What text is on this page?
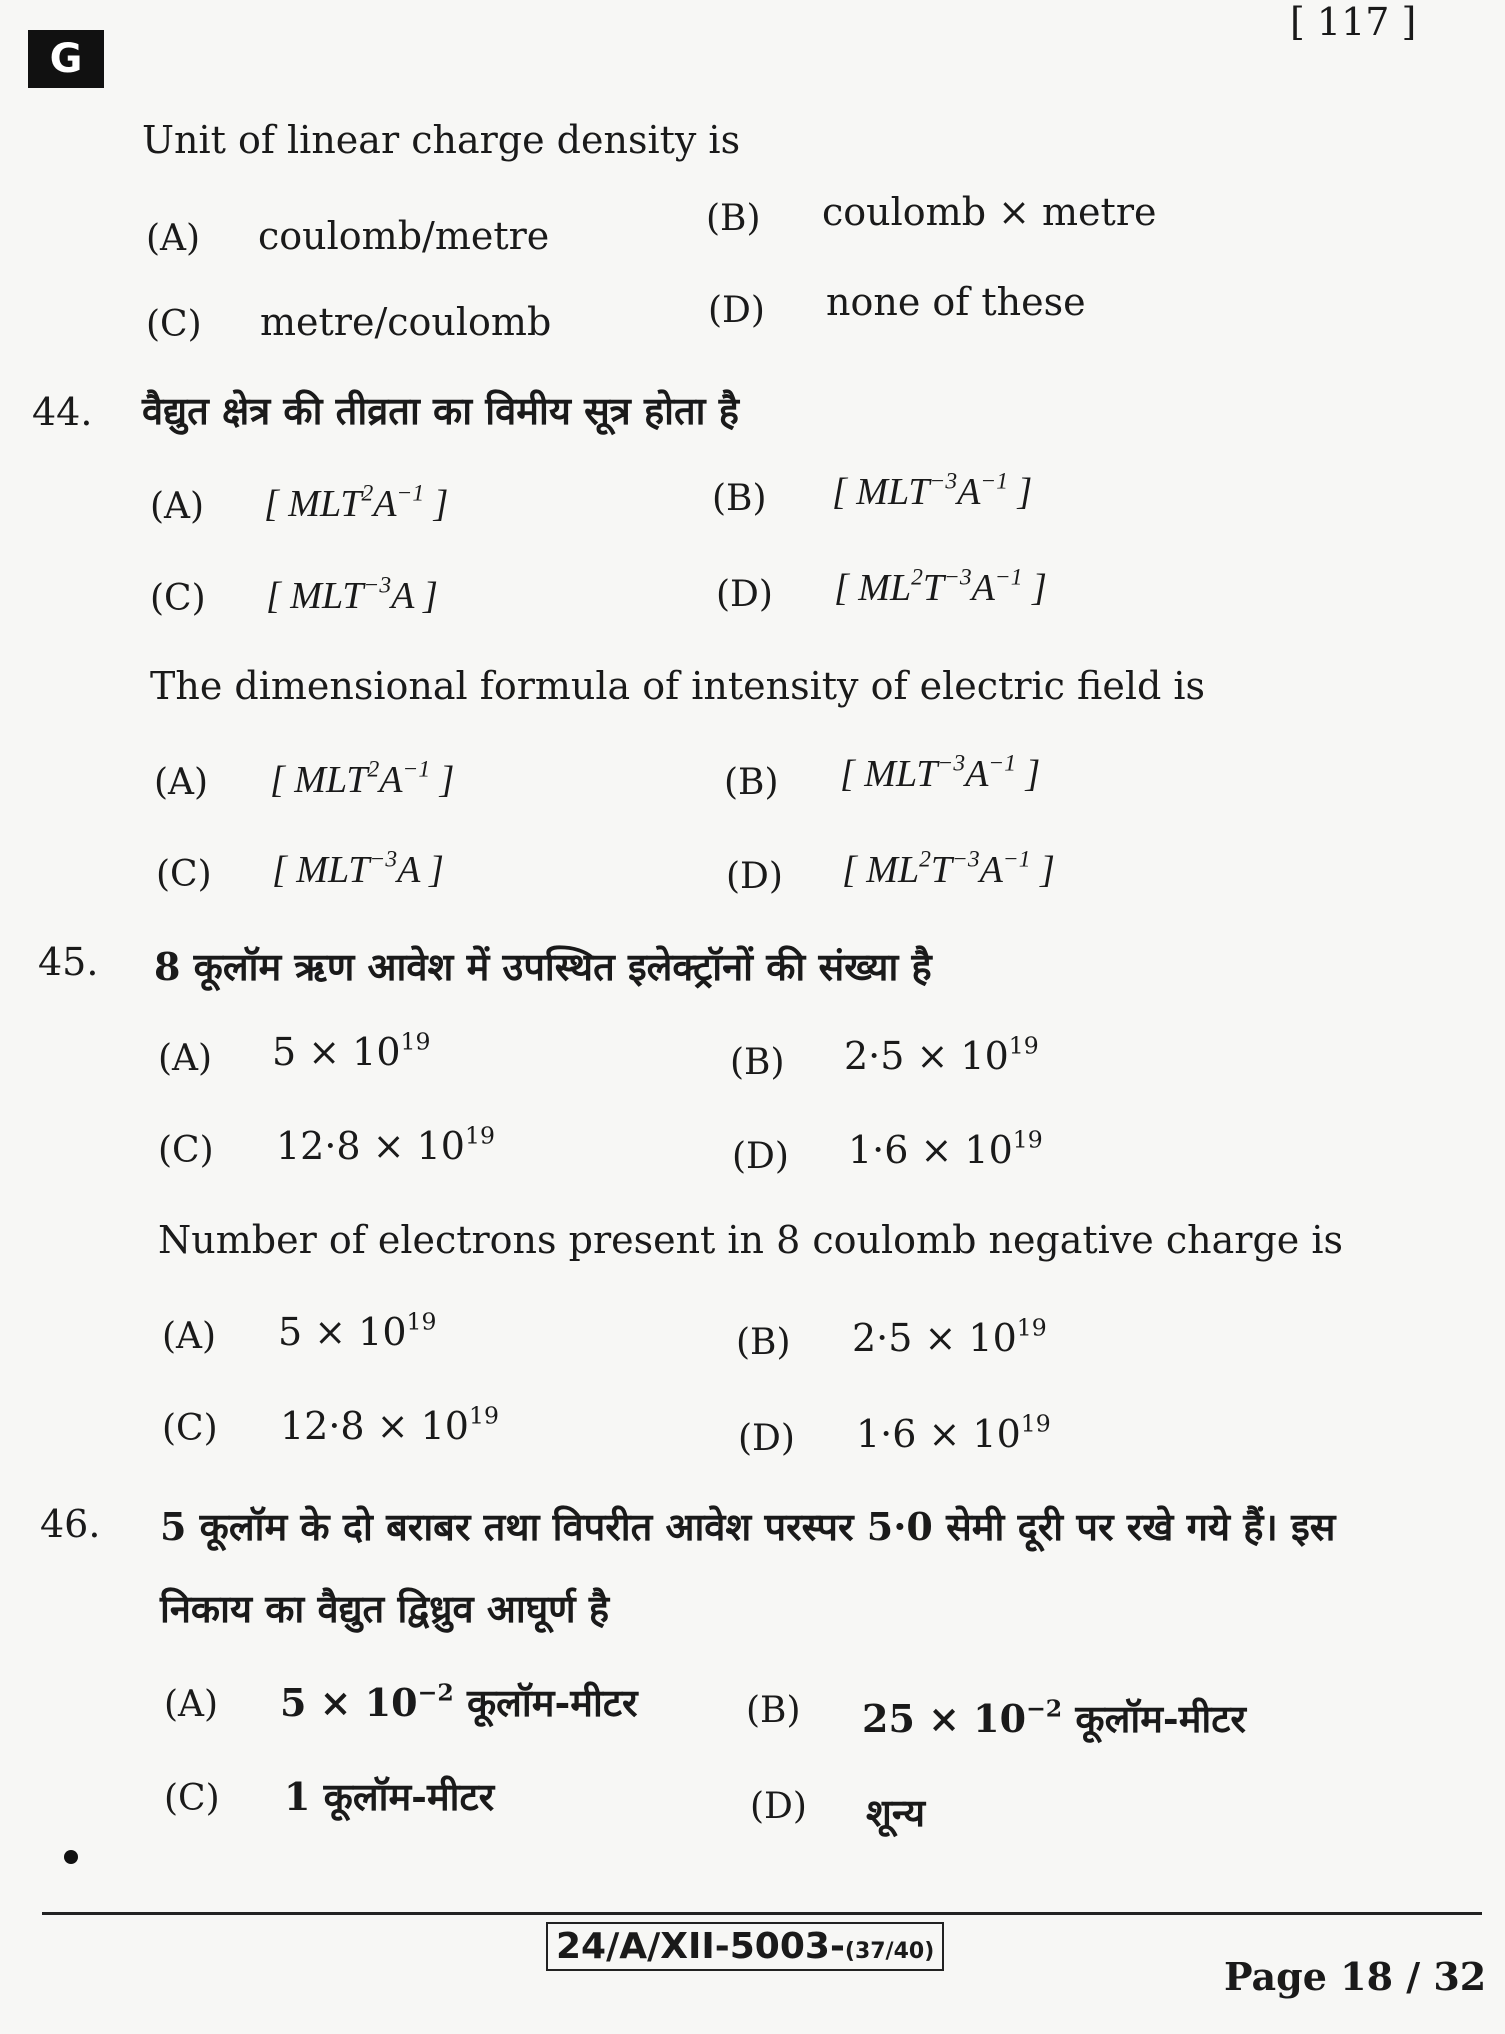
G
[ 117 ]
Unit of linear charge density is
(A) coulomb/metre	(B) coulomb × metre
(C) metre/coulomb	(D) none of these
44. वैद्युत क्षेत्र की तीव्रता का विमीय सूत्र होता है
(A) [ $MLT^2A^{-1}$ ]	(B) [ $MLT^{-3}A^{-1}$ ]
(C) [ $MLT^{-3}A$ ]	(D) [ $ML^2T^{-3}A^{-1}$ ]
The dimensional formula of intensity of electric field is
(A) [ $MLT^2A^{-1}$ ]	(B) [ $MLT^{-3}A^{-1}$ ]
(C) [ $MLT^{-3}A$ ]	(D) [ $ML^2T^{-3}A^{-1}$ ]
45. 8 कूलॉम ऋण आवेश में उपस्थित इलेक्ट्रॉनों की संख्या है
(A) $5 \times 10^{19}$
(B) $2\cdot 5 \times 10^{19}$
(C) $12\cdot 8 \times 10^{19}$
(D) $1\cdot 6 \times 10^{19}$
Number of electrons present in 8 coulomb negative charge is
(A) $5 \times 10^{19}$
(B) $2\cdot 5 \times 10^{19}$
(C) $12\cdot 8 \times 10^{19}$
(D) $1\cdot 6 \times 10^{19}$
46. 5 कूलॉम के दो बराबर तथा विपरीत आवेश परस्पर 5·0 सेमी दूरी पर रखे गये हैं। इस
निकाय का वैद्युत द्विध्रुव आघूर्ण है
(A) $5 \times 10^{-2}$ कूलॉम-मीटर	(B) $25 \times 10^{-2}$ कूलॉम-मीटर
(C) 1 कूलॉम-मीटर	(D) शून्य
24/A/XII-5003-(37/40)
Page 18 / 32
